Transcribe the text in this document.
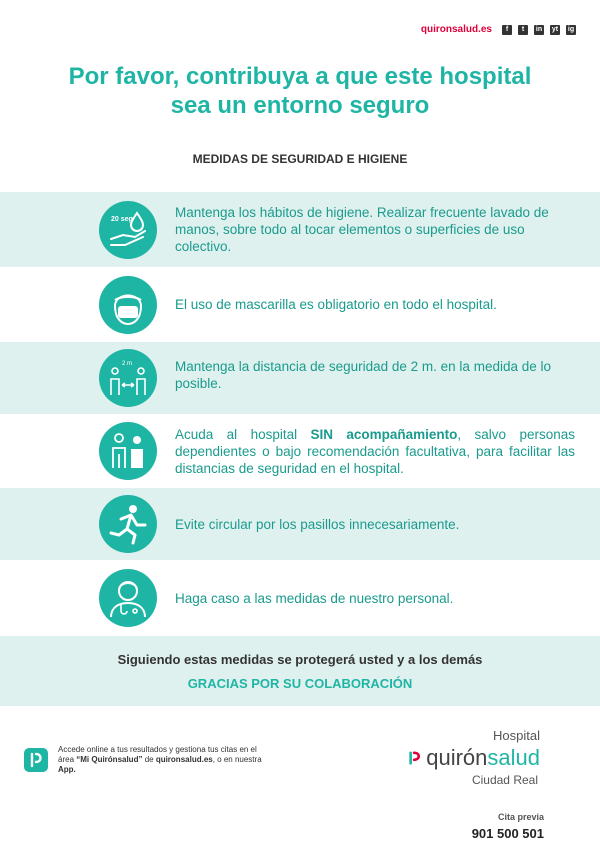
quironsalud.es	f	t	in yt ig
Por favor, contribuya a que este hospital
sea un entorno seguro
MEDIDAS DE SEGURIDAD E HIGIENE
20 seg	Mantenga los hábitos de higiene. Realizar frecuente lavado de manos, sobre todo al tocar elementos o superficies de uso colectivo.
El uso de mascarilla es obligatorio en todo el hospital.
2 m	Mantenga la distancia de seguridad de 2 m. en la medida de lo posible.
Acuda al hospital SIN acompañamiento, salvo personas dependientes o bajo recomendación facultativa, para facilitar las distancias de seguridad en el hospital.
Evite circular por los pasillos innecesariamente.
Haga caso a las medidas de nuestro personal.
Siguiendo estas medidas se protegerá usted y a los demás
GRACIAS POR SU COLABORACIÓN
Accede online a tus resultados y gestiona tus citas en el área “Mi Quirónsalud” de quironsalud.es, o en nuestra App.
Hospital
quirónsalud
Ciudad Real
Cita previa
901 500 501
